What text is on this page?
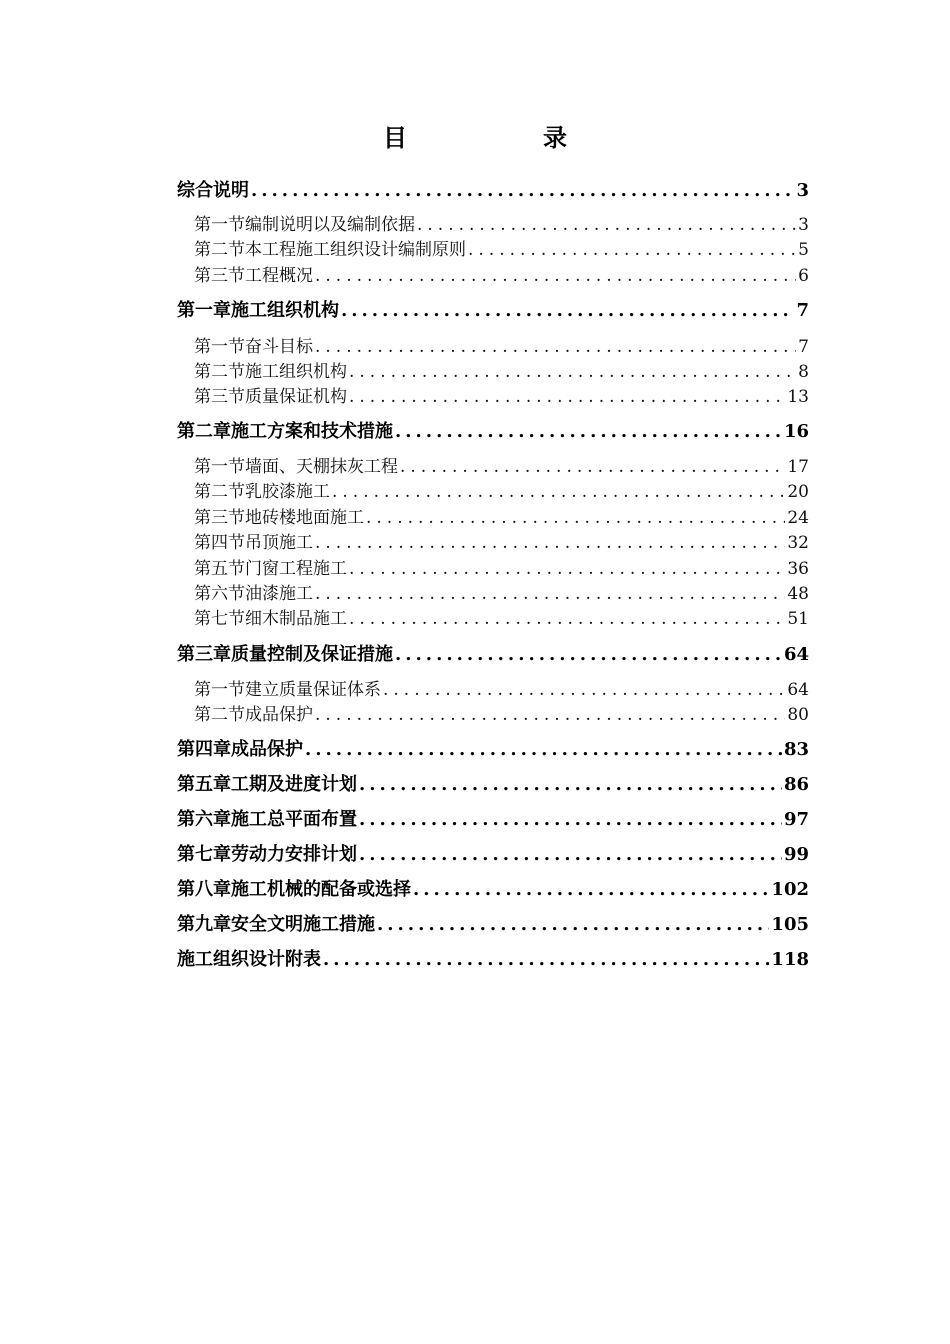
目　录
综合说明 .....	3
第一节 编制说明以及编制依据 .....	3
第二节 本工程施工组织设计编制原则 .....	5
第三节 工程概况 .....	6
第一章 施工组织机构 .....	7
第一节 奋斗目标 .....	7
第二节 施工组织机构 .....	8
第三节 质量保证机构 .....	13
第二章 施工方案和技术措施 .....	16
第一节 墙面、天棚抹灰工程 .....	17
第二节 乳胶漆施工 .....	20
第三节 地砖楼地面施工 .....	24
第四节 吊顶施工 .....	32
第五节 门窗工程施工 .....	36
第六节 油漆施工 .....	48
第七节 细木制品施工 .....	51
第三章 质量控制及保证措施 .....	64
第一节 建立质量保证体系 .....	64
第二节 成品保护 .....	80
第四章 成品保护 .....	83
第五章 工期及进度计划 .....	86
第六章 施工总平面布置 .....	97
第七章 劳动力安排计划 .....	99
第八章 施工机械的配备或选择 .....	102
第九章 安全文明施工措施 .....	105
施工组织设计附表 .....	118
